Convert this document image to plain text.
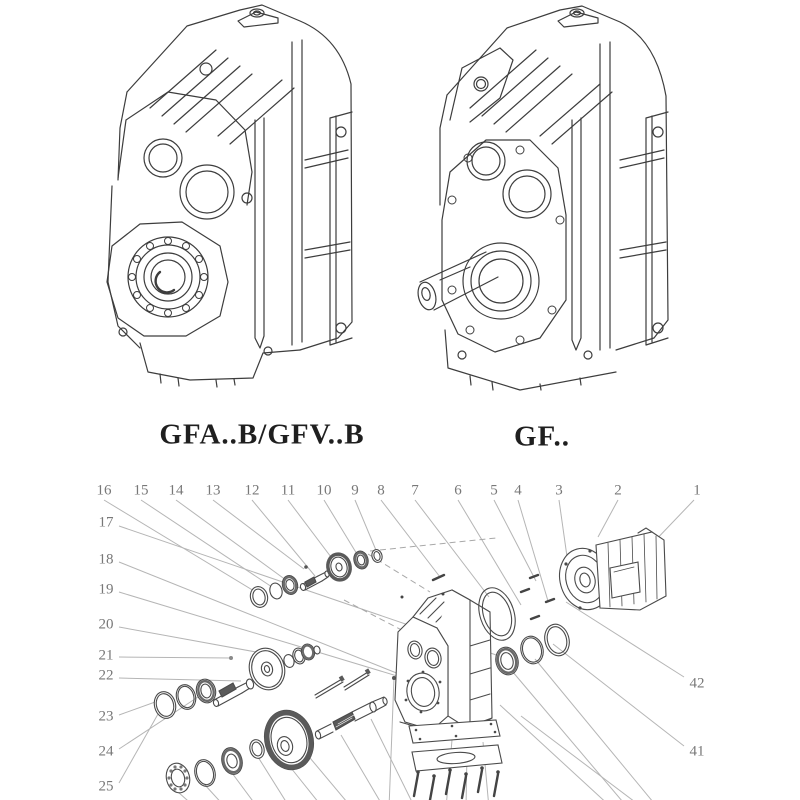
GFA..B/GFV..B	GF..
16 15 14 13 12 11 10 9 8 7 6 5 4 3	2	1
17
18
19
20
21
22
23
24
25
42
41
